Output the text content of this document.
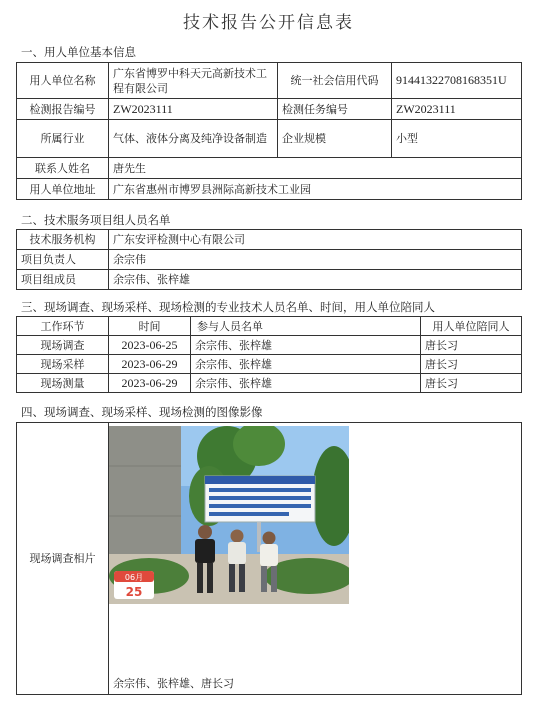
技术报告公开信息表
一、用人单位基本信息
用人单位名称	广东省博罗中科天元高新技术工程有限公司	统一社会信用代码	91441322708168351U
检测报告编号	ZW2023111	检测任务编号	ZW2023111
所属行业	气体、液体分离及纯净设备制造	企业规模	小型
联系人姓名	唐先生		
用人单位地址	广东省惠州市博罗县洲际高新技术工业园		
二、技术服务项目组人员名单
技术服务机构	广东安评检测中心有限公司
项目负责人	余宗伟
项目组成员	余宗伟、张梓雄
三、现场调查、现场采样、现场检测的专业技术人员名单、时间，用人单位陪同人
工作环节	时间	参与人员名单	用人单位陪同人
现场调查	2023-06-25	余宗伟、张梓雄	唐长习
现场采样	2023-06-29	余宗伟、张梓雄	唐长习
现场测量	2023-06-29	余宗伟、张梓雄	唐长习
四、现场调查、现场采样、现场检测的图像影像
现场调查相片	
06月
25
余宗伟、张梓雄、唐长习
